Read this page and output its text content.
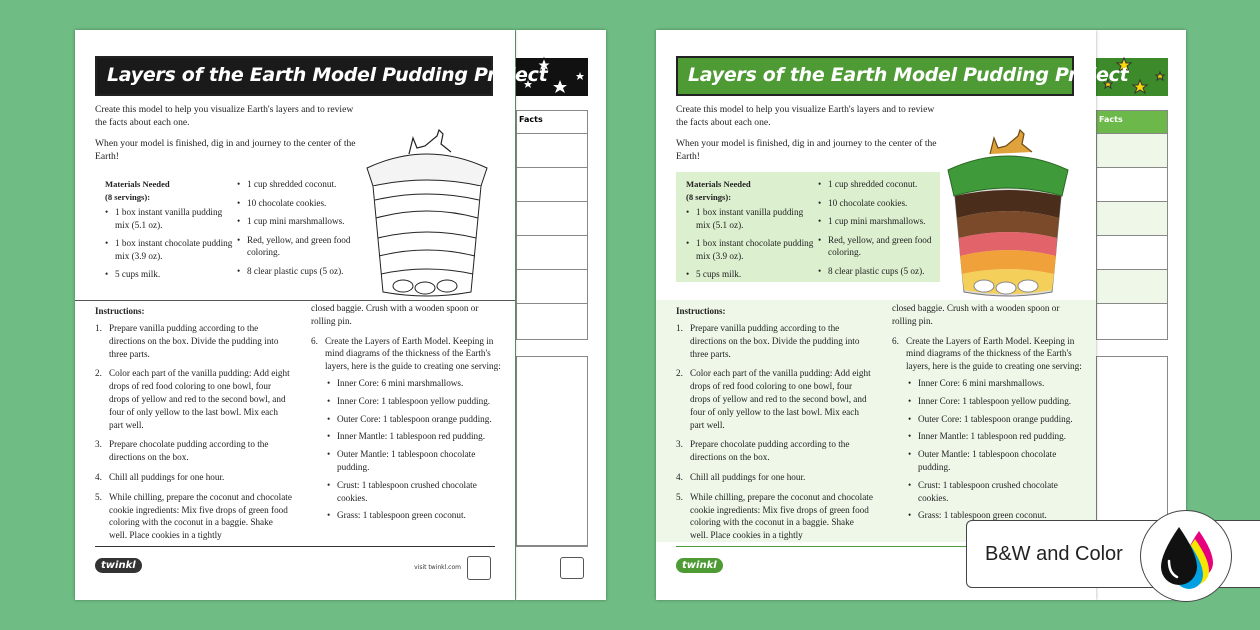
Facts
Layers of the Earth Model Pudding Project

Create this model to help you visualize Earth's layers and to review the facts about each one.

When your model is finished, dig in and journey to the center of the Earth!

Materials Needed
(8 servings):
• 1 box instant vanilla pudding mix (5.1 oz).
• 1 box instant chocolate pudding mix (3.9 oz).
• 5 cups milk.
• 1 cup shredded coconut.
• 10 chocolate cookies.
• 1 cup mini marshmallows.
• Red, yellow, and green food coloring.
• 8 clear plastic cups (5 oz).
Instructions:
1. Prepare vanilla pudding according to the directions on the box. Divide the pudding into three parts.
2. Color each part of the vanilla pudding: Add eight drops of red food coloring to one bowl, four drops of yellow and red to the second bowl, and four of only yellow to the last bowl. Mix each part well.
3. Prepare chocolate pudding according to the directions on the box.
4. Chill all puddings for one hour.
5. While chilling, prepare the coconut and chocolate cookie ingredients: Mix five drops of green food coloring with the coconut in a baggie. Shake well. Place cookies in a tightly
closed baggie. Crush with a wooden spoon or rolling pin.
6. Create the Layers of Earth Model. Keeping in mind diagrams of the thickness of the Earth's layers, here is the guide to creating one serving:
• Inner Core: 6 mini marshmallows.
• Inner Core: 1 tablespoon yellow pudding.
• Outer Core: 1 tablespoon orange pudding.
• Inner Mantle: 1 tablespoon red pudding.
• Outer Mantle: 1 tablespoon chocolate pudding.
• Crust: 1 tablespoon crushed chocolate cookies.
• Grass: 1 tablespoon green coconut.
twinkl	visit twinkl.com
Facts
Layers of the Earth Model Pudding Project

Create this model to help you visualize Earth's layers and to review the facts about each one.

When your model is finished, dig in and journey to the center of the Earth!

Materials Needed
(8 servings):
• 1 box instant vanilla pudding mix (5.1 oz).
• 1 box instant chocolate pudding mix (3.9 oz).
• 5 cups milk.
• 1 cup shredded coconut.
• 10 chocolate cookies.
• 1 cup mini marshmallows.
• Red, yellow, and green food coloring.
• 8 clear plastic cups (5 oz).
Instructions:
1. Prepare vanilla pudding according to the directions on the box. Divide the pudding into three parts.
2. Color each part of the vanilla pudding: Add eight drops of red food coloring to one bowl, four drops of yellow and red to the second bowl, and four of only yellow to the last bowl. Mix each part well.
3. Prepare chocolate pudding according to the directions on the box.
4. Chill all puddings for one hour.
5. While chilling, prepare the coconut and chocolate cookie ingredients: Mix five drops of green food coloring with the coconut in a baggie. Shake well. Place cookies in a tightly
closed baggie. Crush with a wooden spoon or rolling pin.
6. Create the Layers of Earth Model. Keeping in mind diagrams of the thickness of the Earth's layers, here is the guide to creating one serving:
• Inner Core: 6 mini marshmallows.
• Inner Core: 1 tablespoon yellow pudding.
• Outer Core: 1 tablespoon orange pudding.
• Inner Mantle: 1 tablespoon red pudding.
• Outer Mantle: 1 tablespoon chocolate pudding.
• Crust: 1 tablespoon crushed chocolate cookies.
• Grass: 1 tablespoon green coconut.
twinkl
B&W and Color
